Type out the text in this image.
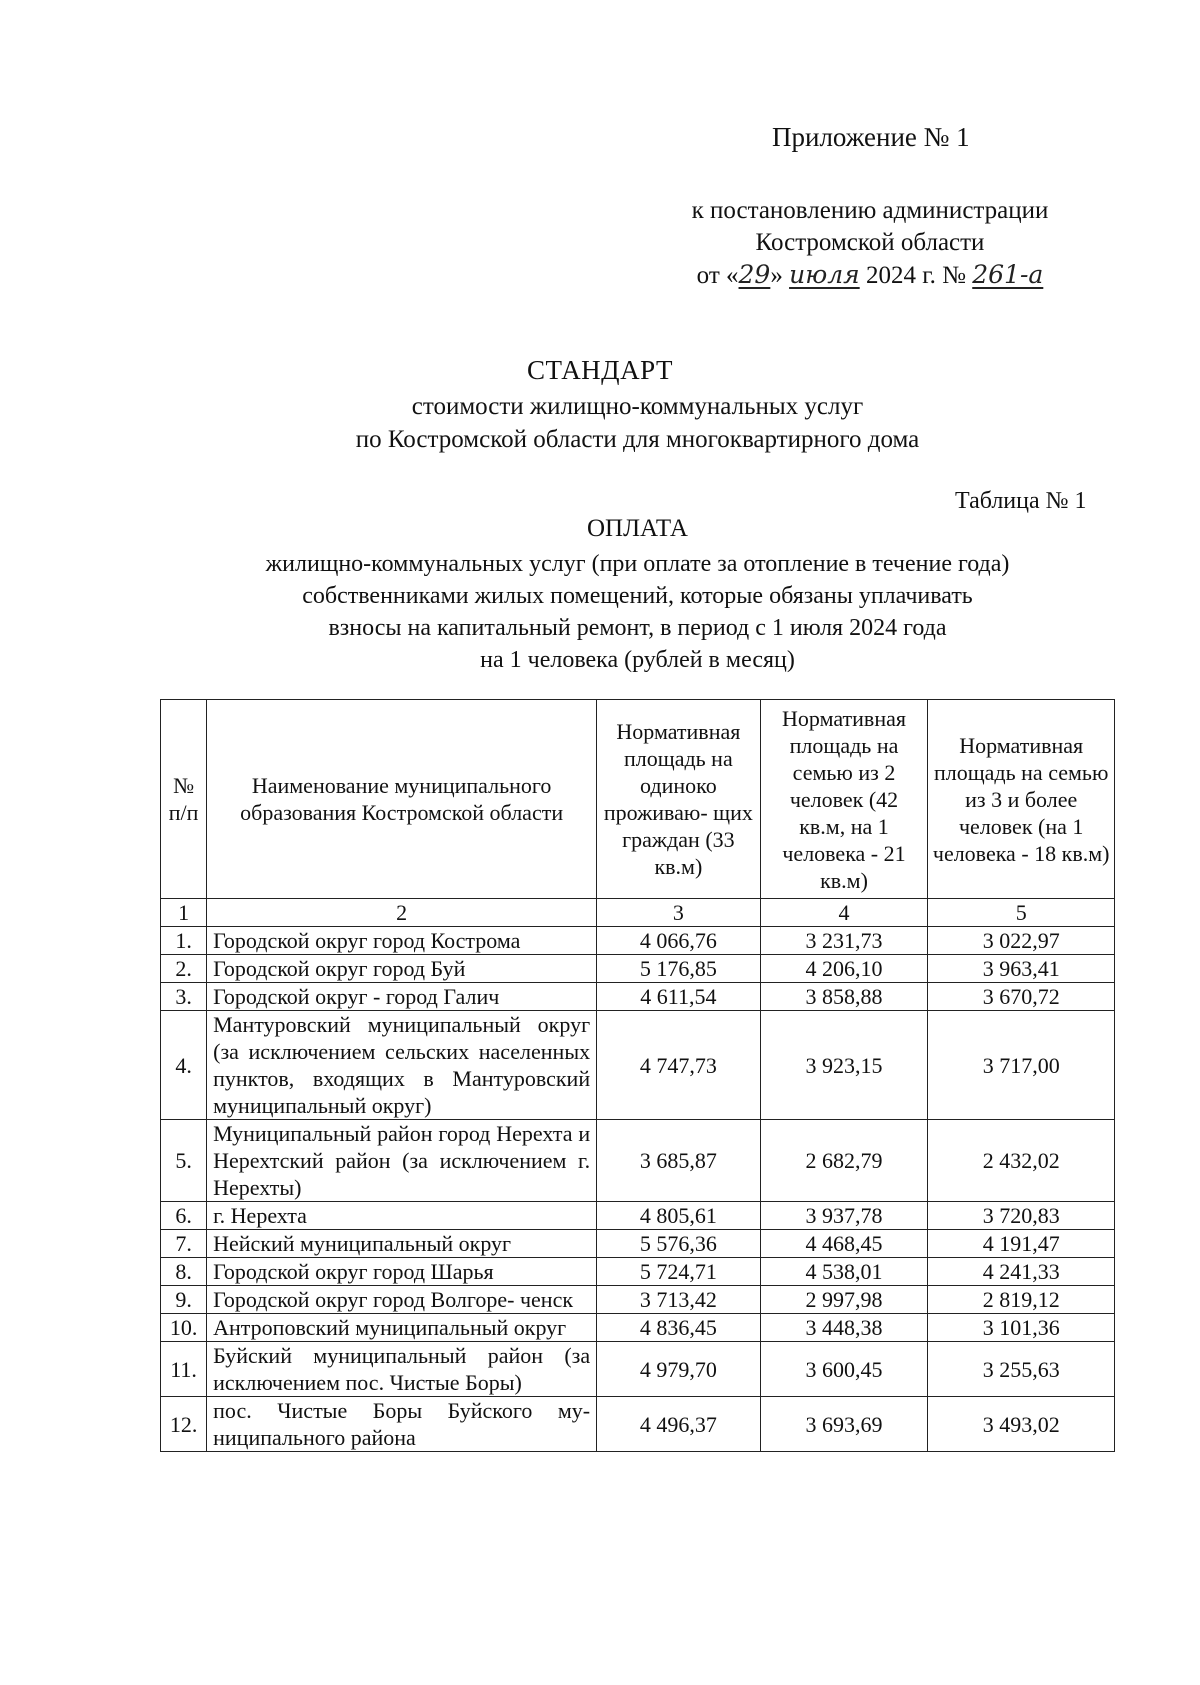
Приложение № 1
к постановлению администрации
Костромской области
от «29» июля 2024 г. № 261-а
СТАНДАРТ
стоимости жилищно-коммунальных услуг
по Костромской области для многоквартирного дома
Таблица № 1
ОПЛАТА
жилищно-коммунальных услуг (при оплате за отопление в течение года)
собственниками жилых помещений, которые обязаны уплачивать
взносы на капитальный ремонт, в период с 1 июля 2024 года
на 1 человека (рублей в месяц)
№ п/п	Наименование муниципального образования Костромской области	Нормативная площадь на одиноко проживаю- щих граждан (33 кв.м)	Нормативная площадь на семью из 2 человек (42 кв.м, на 1 человека - 21 кв.м)	Нормативная площадь на семью из 3 и более человек (на 1 человека - 18 кв.м)
1	2	3	4	5
1.	Городской округ город Кострома	4 066,76	3 231,73	3 022,97
2.	Городской округ город Буй	5 176,85	4 206,10	3 963,41
3.	Городской округ - город Галич	4 611,54	3 858,88	3 670,72
4.	Мантуровский муниципальный округ (за исключением сельских населенных пунктов, входящих в Мантуровский муниципальный округ)	4 747,73	3 923,15	3 717,00
5.	Муниципальный район город Нерехта и Нерехтский район (за исключением г. Нерехты)	3 685,87	2 682,79	2 432,02
6.	г. Нерехта	4 805,61	3 937,78	3 720,83
7.	Нейский муниципальный округ	5 576,36	4 468,45	4 191,47
8.	Городской округ город Шарья	5 724,71	4 538,01	4 241,33
9.	Городской округ город Волгоре- ченск	3 713,42	2 997,98	2 819,12
10.	Антроповский муниципальный округ	4 836,45	3 448,38	3 101,36
11.	Буйский муниципальный район (за исключением пос. Чистые Боры)	4 979,70	3 600,45	3 255,63
12.	пос. Чистые Боры Буйского му- ниципального района	4 496,37	3 693,69	3 493,02
